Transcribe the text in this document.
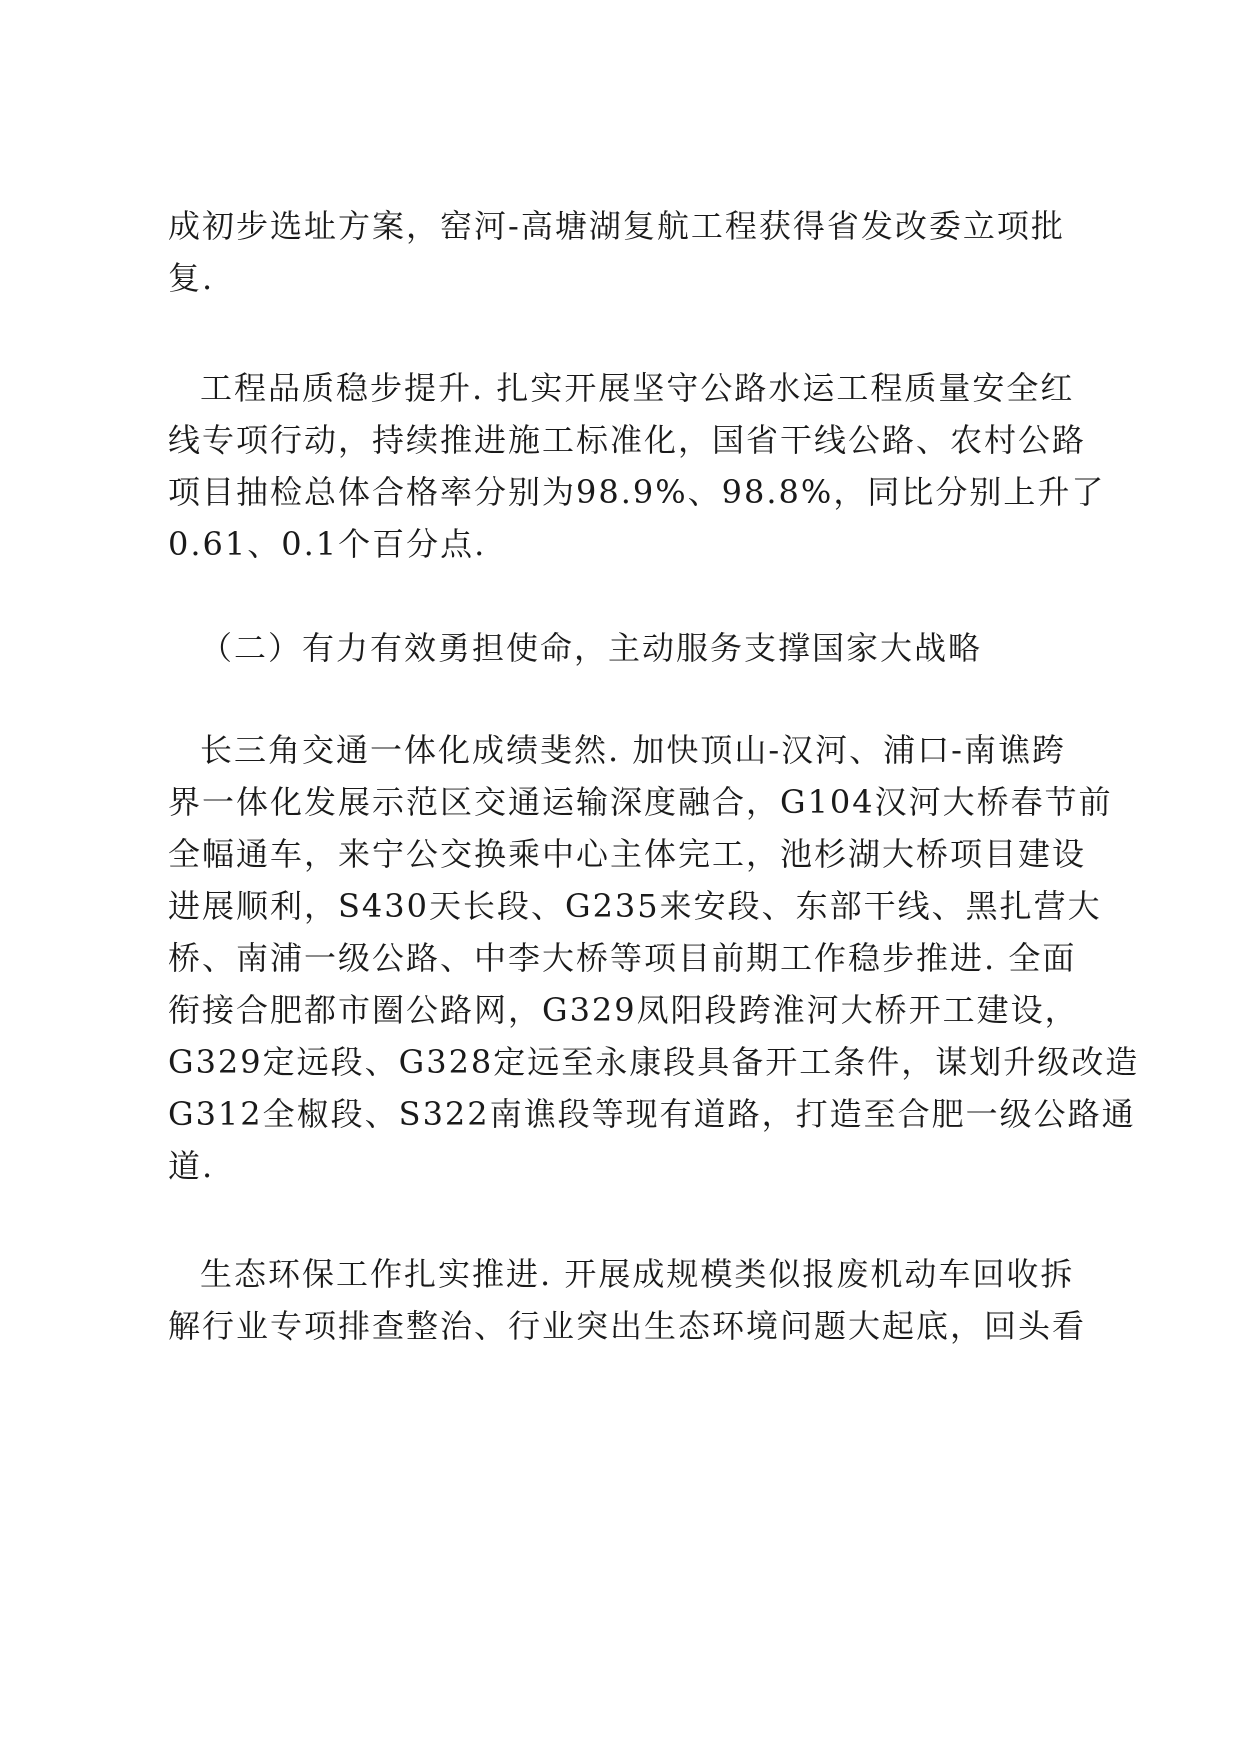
成初步选址方案，窑河-高塘湖复航工程获得省发改委立项批
复.
工程品质稳步提升. 扎实开展坚守公路水运工程质量安全红
线专项行动，持续推进施工标准化，国省干线公路、农村公路
项目抽检总体合格率分别为98.9%、98.8%，同比分别上升了
0.61、0.1个百分点.
（二）有力有效勇担使命，主动服务支撑国家大战略
长三角交通一体化成绩斐然. 加快顶山-汉河、浦口-南谯跨
界一体化发展示范区交通运输深度融合，G104汉河大桥春节前
全幅通车，来宁公交换乘中心主体完工，池杉湖大桥项目建设
进展顺利，S430天长段、G235来安段、东部干线、黑扎营大
桥、南浦一级公路、中李大桥等项目前期工作稳步推进. 全面
衔接合肥都市圈公路网，G329凤阳段跨淮河大桥开工建设，
G329定远段、G328定远至永康段具备开工条件，谋划升级改造
G312全椒段、S322南谯段等现有道路，打造至合肥一级公路通
道.
生态环保工作扎实推进. 开展成规模类似报废机动车回收拆
解行业专项排查整治、行业突出生态环境问题大起底，回头看
